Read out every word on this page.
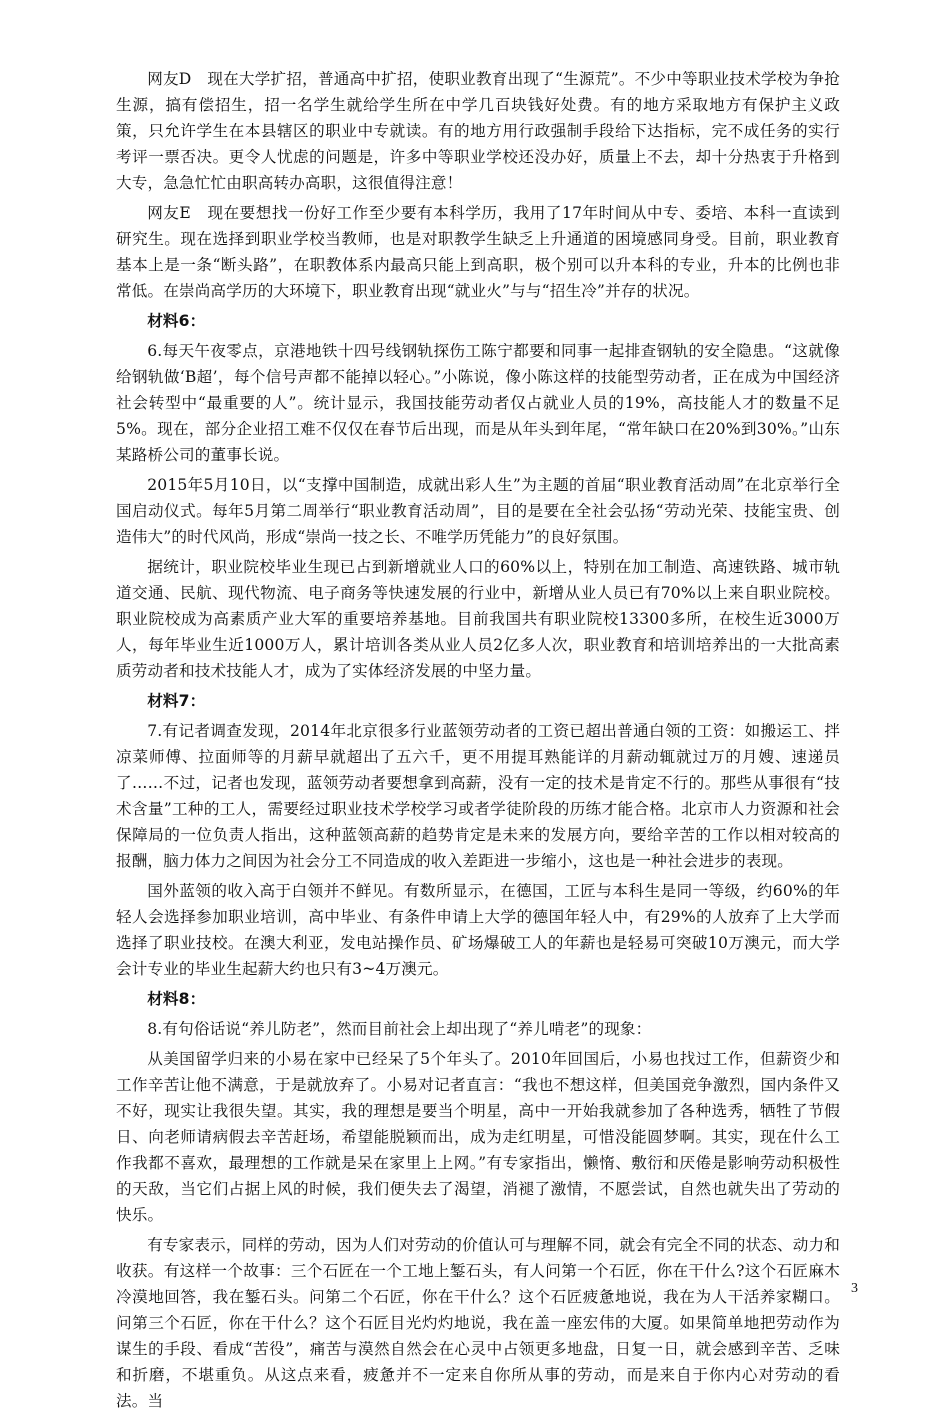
网友D　现在大学扩招，普通高中扩招，使职业教育出现了“生源荒”。不少中等职业技术学校为争抢生源，搞有偿招生，招一名学生就给学生所在中学几百块钱好处费。有的地方采取地方有保护主义政策，只允许学生在本县辖区的职业中专就读。有的地方用行政强制手段给下达指标，完不成任务的实行考评一票否决。更令人忧虑的问题是，许多中等职业学校还没办好，质量上不去，却十分热衷于升格到大专，急急忙忙由职高转办高职，这很值得注意！

网友E　现在要想找一份好工作至少要有本科学历，我用了17年时间从中专、委培、本科一直读到研究生。现在选择到职业学校当教师，也是对职教学生缺乏上升通道的困境感同身受。目前，职业教育基本上是一条“断头路”，在职教体系内最高只能上到高职，极个别可以升本科的专业，升本的比例也非常低。在崇尚高学历的大环境下，职业教育出现“就业火”与与“招生冷”并存的状况。

材料6：

6.每天午夜零点，京港地铁十四号线钢轨探伤工陈宁都要和同事一起排查钢轨的安全隐患。“这就像给钢轨做‘B超’，每个信号声都不能掉以轻心。”小陈说，像小陈这样的技能型劳动者，正在成为中国经济社会转型中“最重要的人”。统计显示，我国技能劳动者仅占就业人员的19%，高技能人才的数量不足5%。现在，部分企业招工难不仅仅在春节后出现，而是从年头到年尾，“常年缺口在20%到30%。”山东某路桥公司的董事长说。

2015年5月10日，以“支撑中国制造，成就出彩人生”为主题的首届“职业教育活动周”在北京举行全国启动仪式。每年5月第二周举行“职业教育活动周”，目的是要在全社会弘扬“劳动光荣、技能宝贵、创造伟大”的时代风尚，形成“崇尚一技之长、不唯学历凭能力”的良好氛围。

据统计，职业院校毕业生现已占到新增就业人口的60%以上，特别在加工制造、高速铁路、城市轨道交通、民航、现代物流、电子商务等快速发展的行业中，新增从业人员已有70%以上来自职业院校。职业院校成为高素质产业大军的重要培养基地。目前我国共有职业院校13300多所，在校生近3000万人，每年毕业生近1000万人，累计培训各类从业人员2亿多人次，职业教育和培训培养出的一大批高素质劳动者和技术技能人才，成为了实体经济发展的中坚力量。

材料7：

7.有记者调查发现，2014年北京很多行业蓝领劳动者的工资已超出普通白领的工资：如搬运工、拌凉菜师傅、拉面师等的月薪早就超出了五六千，更不用提耳熟能详的月薪动辄就过万的月嫂、速递员了……不过，记者也发现，蓝领劳动者要想拿到高薪，没有一定的技术是肯定不行的。那些从事很有“技术含量”工种的工人，需要经过职业技术学校学习或者学徒阶段的历练才能合格。北京市人力资源和社会保障局的一位负责人指出，这种蓝领高薪的趋势肯定是未来的发展方向，要给辛苦的工作以相对较高的报酬，脑力体力之间因为社会分工不同造成的收入差距进一步缩小，这也是一种社会进步的表现。

国外蓝领的收入高于白领并不鲜见。有数所显示，在德国，工匠与本科生是同一等级，约60%的年轻人会选择参加职业培训，高中毕业、有条件申请上大学的德国年轻人中，有29%的人放弃了上大学而选择了职业技校。在澳大利亚，发电站操作员、矿场爆破工人的年薪也是轻易可突破10万澳元，而大学会计专业的毕业生起薪大约也只有3~4万澳元。

材料8：

8.有句俗话说“养儿防老”，然而目前社会上却出现了“养儿啃老”的现象：

从美国留学归来的小易在家中已经呆了5个年头了。2010年回国后，小易也找过工作，但薪资少和工作辛苦让他不满意，于是就放弃了。小易对记者直言：“我也不想这样，但美国竞争激烈，国内条件又不好，现实让我很失望。其实，我的理想是要当个明星，高中一开始我就参加了各种选秀，牺牲了节假日、向老师请病假去辛苦赶场，希望能脱颖而出，成为走红明星，可惜没能圆梦啊。其实，现在什么工作我都不喜欢，最理想的工作就是呆在家里上上网。”有专家指出，懒惰、敷衍和厌倦是影响劳动积极性的天敌，当它们占据上风的时候，我们便失去了渴望，消褪了激情，不愿尝试，自然也就失出了劳动的快乐。

有专家表示，同样的劳动，因为人们对劳动的价值认可与理解不同，就会有完全不同的状态、动力和收获。有这样一个故事：三个石匠在一个工地上錾石头，有人问第一个石匠，你在干什么?这个石匠麻木冷漠地回答，我在錾石头。问第二个石匠，你在干什么？这个石匠疲惫地说，我在为人干活养家糊口。问第三个石匠，你在干什么？这个石匠目光灼灼地说，我在盖一座宏伟的大厦。如果简单地把劳动作为谋生的手段、看成“苦役”，痛苦与漠然自然会在心灵中占领更多地盘，日复一日，就会感到辛苦、乏味和折磨，不堪重负。从这点来看，疲惫并不一定来自你所从事的劳动，而是来自于你内心对劳动的看法。当

3
